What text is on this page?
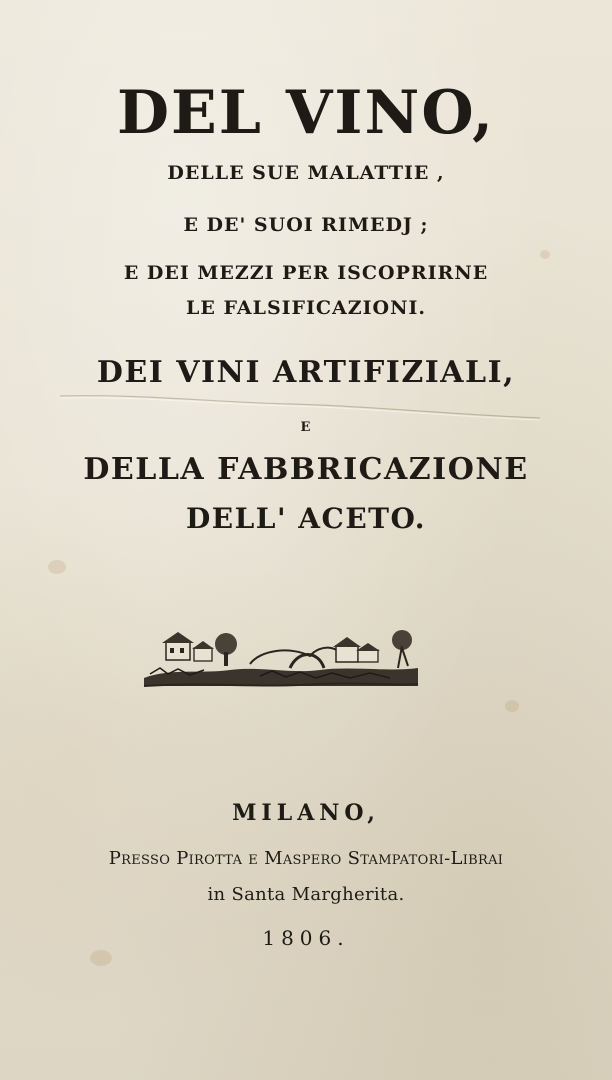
DEL VINO,
DELLE SUE MALATTIE ,
E DE' SUOI RIMEDJ ;
E DEI MEZZI PER ISCOPRIRNE
LE FALSIFICAZIONI.
DEI VINI ARTIFIZIALI,
E
DELLA FABBRICAZIONE
DELL' ACETO.
MILANO,
Presso Pirotta e Maspero Stampatori-Librai
in Santa Margherita.
1806.
